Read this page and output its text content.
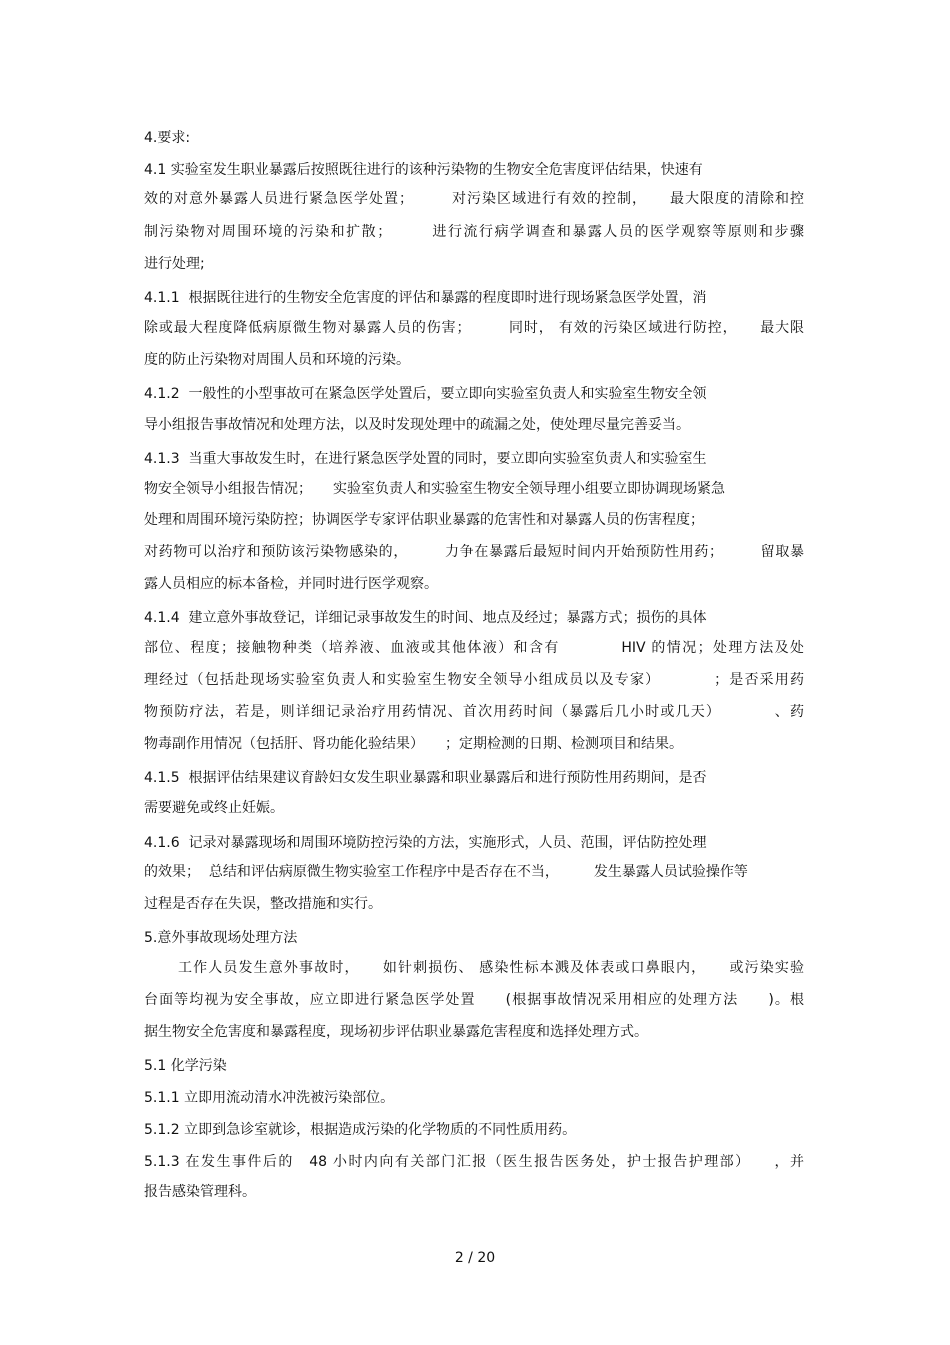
4.要求:

4.1 实验室发生职业暴露后按照既往进行的该种污染物的生物安全危害度评估结果，快速有

效的对意外暴露人员进行紧急医学处置；　　　对污染区域进行有效的控制，　　最大限度的清除和控

制污染物对周围环境的污染和扩散；　　　进行流行病学调查和暴露人员的医学观察等原则和步骤

进行处理;

4.1.1  根据既往进行的生物安全危害度的评估和暴露的程度即时进行现场紧急医学处置，消

除或最大程度降低病原微生物对暴露人员的伤害；　　　同时， 有效的污染区域进行防控，　　最大限

度的防止污染物对周围人员和环境的污染。

4.1.2  一般性的小型事故可在紧急医学处置后，要立即向实验室负责人和实验室生物安全领

导小组报告事故情况和处理方法，以及时发现处理中的疏漏之处，使处理尽量完善妥当。

4.1.3  当重大事故发生时，在进行紧急医学处置的同时，要立即向实验室负责人和实验室生

物安全领导小组报告情况；　　实验室负责人和实验室生物安全领导理小组要立即协调现场紧急

处理和周围环境污染防控；协调医学专家评估职业暴露的危害性和对暴露人员的伤害程度；

对药物可以治疗和预防该污染物感染的，　　　力争在暴露后最短时间内开始预防性用药；　　　留取暴

露人员相应的标本备检，并同时进行医学观察。

4.1.4  建立意外事故登记，详细记录事故发生的时间、地点及经过；暴露方式；损伤的具体

部位、程度；接触物种类（培养液、血液或其他体液）和含有　　　　HIV 的情况；处理方法及处

理经过（包括赴现场实验室负责人和实验室生物安全领导小组成员以及专家）　　　　；是否采用药

物预防疗法，若是，则详细记录治疗用药情况、首次用药时间（暴露后几小时或几天）　　　　、药

物毒副作用情况（包括肝、肾功能化验结果）　　；定期检测的日期、检测项目和结果。

4.1.5  根据评估结果建议育龄妇女发生职业暴露和职业暴露后和进行预防性用药期间，是否

需要避免或终止妊娠。

4.1.6  记录对暴露现场和周围环境防控污染的方法，实施形式，人员、范围，评估防控处理

的效果；  总结和评估病原微生物实验室工作程序中是否存在不当，　　　发生暴露人员试验操作等

过程是否存在失误，整改措施和实行。

5.意外事故现场处理方法

工作人员发生意外事故时，　　如针刺损伤、 感染性标本溅及体表或口鼻眼内，　　或污染实验

台面等均视为安全事故，应立即进行紧急医学处置　　(根据事故情况采用相应的处理方法　　)。根

据生物安全危害度和暴露程度，现场初步评估职业暴露危害程度和选择处理方式。

5.1 化学污染

5.1.1 立即用流动清水冲洗被污染部位。

5.1.2 立即到急诊室就诊，根据造成污染的化学物质的不同性质用药。

5.1.3 在发生事件后的　48 小时内向有关部门汇报（医生报告医务处，护士报告护理部）　　，并

报告感染管理科。

2 / 20
